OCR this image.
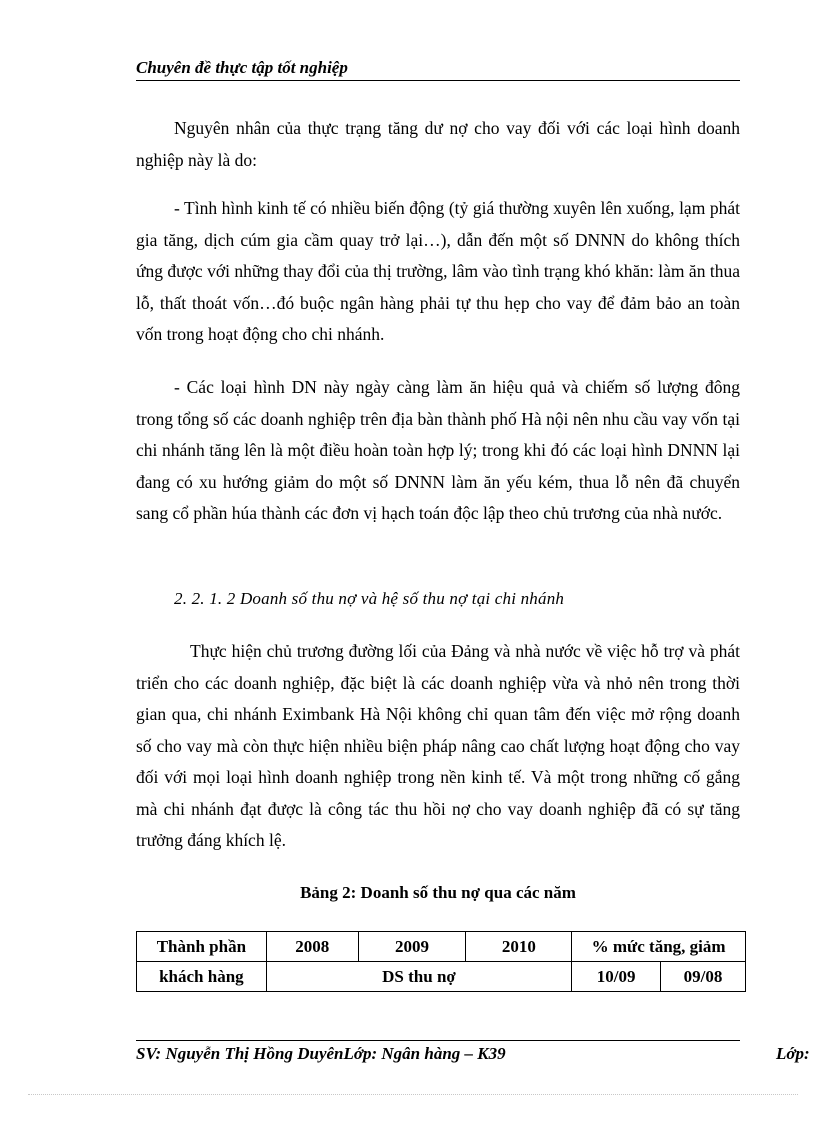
Chuyên đề thực tập tốt nghiệp

Nguyên nhân của thực trạng tăng dư nợ cho vay đối với các loại hình doanh nghiệp này là do:

- Tình hình kinh tế có nhiều biến động (tỷ giá thường xuyên lên xuống, lạm phát gia tăng, dịch cúm gia cầm quay trở lại…), dẫn đến một số DNNN do không thích ứng được với những thay đổi của thị trường, lâm vào tình trạng khó khăn: làm ăn thua lỗ, thất thoát vốn…đó buộc ngân hàng phải tự thu hẹp cho vay để đảm bảo an toàn vốn trong hoạt động cho chi nhánh.

- Các loại hình DN này ngày càng làm ăn hiệu quả và chiếm số lượng đông trong tổng số các doanh nghiệp trên địa bàn thành phố Hà nội nên nhu cầu vay vốn tại chi nhánh tăng lên là một điều hoàn toàn hợp lý; trong khi đó các loại hình DNNN lại đang có xu hướng giảm do một số DNNN làm ăn yếu kém, thua lỗ nên đã chuyển sang cổ phần húa thành các đơn vị hạch toán độc lập theo chủ trương của nhà nước.

2. 2. 1. 2 Doanh số thu nợ và hệ số thu nợ tại chi nhánh

Thực hiện chủ trương đường lối của Đảng và nhà nước về việc hỗ trợ và phát triển cho các doanh nghiệp, đặc biệt là các doanh nghiệp vừa và nhỏ nên trong thời gian qua, chi nhánh Eximbank Hà Nội không chỉ quan tâm đến việc mở rộng doanh số cho vay mà còn thực hiện nhiều biện pháp nâng cao chất lượng hoạt động cho vay đối với mọi loại hình doanh nghiệp trong nền kinh tế. Và một trong những cố gắng mà chi nhánh đạt được là công tác thu hồi nợ cho vay doanh nghiệp đã có sự tăng trưởng đáng khích lệ.

Bảng 2: Doanh số thu nợ qua các năm
Thành phần	2008	2009	2010	% mức tăng, giảm	
khách hàng	DS thu nợ			10/09	09/08
SV: Nguyễn Thị Hồng DuyênLớp: Ngân hàng – K39	Lớp:
